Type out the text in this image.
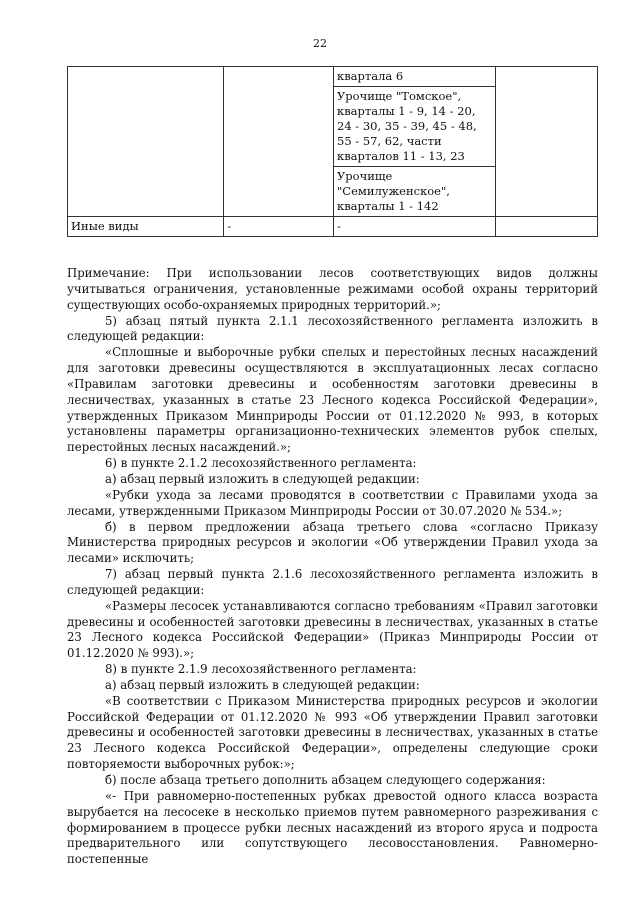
22
		квартала 6	
		Урочище "Томское", кварталы 1 - 9, 14 - 20, 24 - 30, 35 - 39, 45 - 48, 55 - 57, 62, части кварталов 11 - 13, 23	
		Урочище "Семилуженское", кварталы 1 - 142	
Иные виды	-	-	

Примечание: При использовании лесов соответствующих видов должны учитываться ограничения, установленные режимами особой охраны территорий существующих особо-охраняемых природных территорий.»;

5) абзац пятый пункта 2.1.1 лесохозяйственного регламента изложить в следующей редакции:

«Сплошные и выборочные рубки спелых и перестойных лесных насаждений для заготовки древесины осуществляются в эксплуатационных лесах согласно «Правилам заготовки древесины и особенностям заготовки древесины в лесничествах, указанных в статье 23 Лесного кодекса Российской Федерации», утвержденных Приказом Минприроды России от 01.12.2020 № 993, в которых установлены параметры организационно-технических элементов рубок спелых, перестойных лесных насаждений.»;

6) в пункте 2.1.2 лесохозяйственного регламента:

а) абзац первый изложить в следующей редакции:

«Рубки ухода за лесами проводятся в соответствии с Правилами ухода за лесами, утвержденными Приказом Минприроды России от 30.07.2020 № 534.»;

б) в первом предложении абзаца третьего слова «согласно Приказу Министерства природных ресурсов и экологии «Об утверждении Правил ухода за лесами» исключить;

7) абзац первый пункта 2.1.6 лесохозяйственного регламента изложить в следующей редакции:

«Размеры лесосек устанавливаются согласно требованиям «Правил заготовки древесины и особенностей заготовки древесины в лесничествах, указанных в статье 23 Лесного кодекса Российской Федерации» (Приказ Минприроды России от 01.12.2020 № 993).»;

8) в пункте 2.1.9 лесохозяйственного регламента:

а) абзац первый изложить в следующей редакции:

«В соответствии с Приказом Министерства природных ресурсов и экологии Российской Федерации от 01.12.2020 № 993 «Об утверждении Правил заготовки древесины и особенностей заготовки древесины в лесничествах, указанных в статье 23 Лесного кодекса Российской Федерации», определены следующие сроки повторяемости выборочных рубок:»;

б) после абзаца третьего дополнить абзацем следующего содержания:

«- При равномерно-постепенных рубках древостой одного класса возраста вырубается на лесосеке в несколько приемов путем равномерного разреживания с формированием в процессе рубки лесных насаждений из второго яруса и подроста предварительного или сопутствующего лесовосстановления. Равномерно-постепенные
